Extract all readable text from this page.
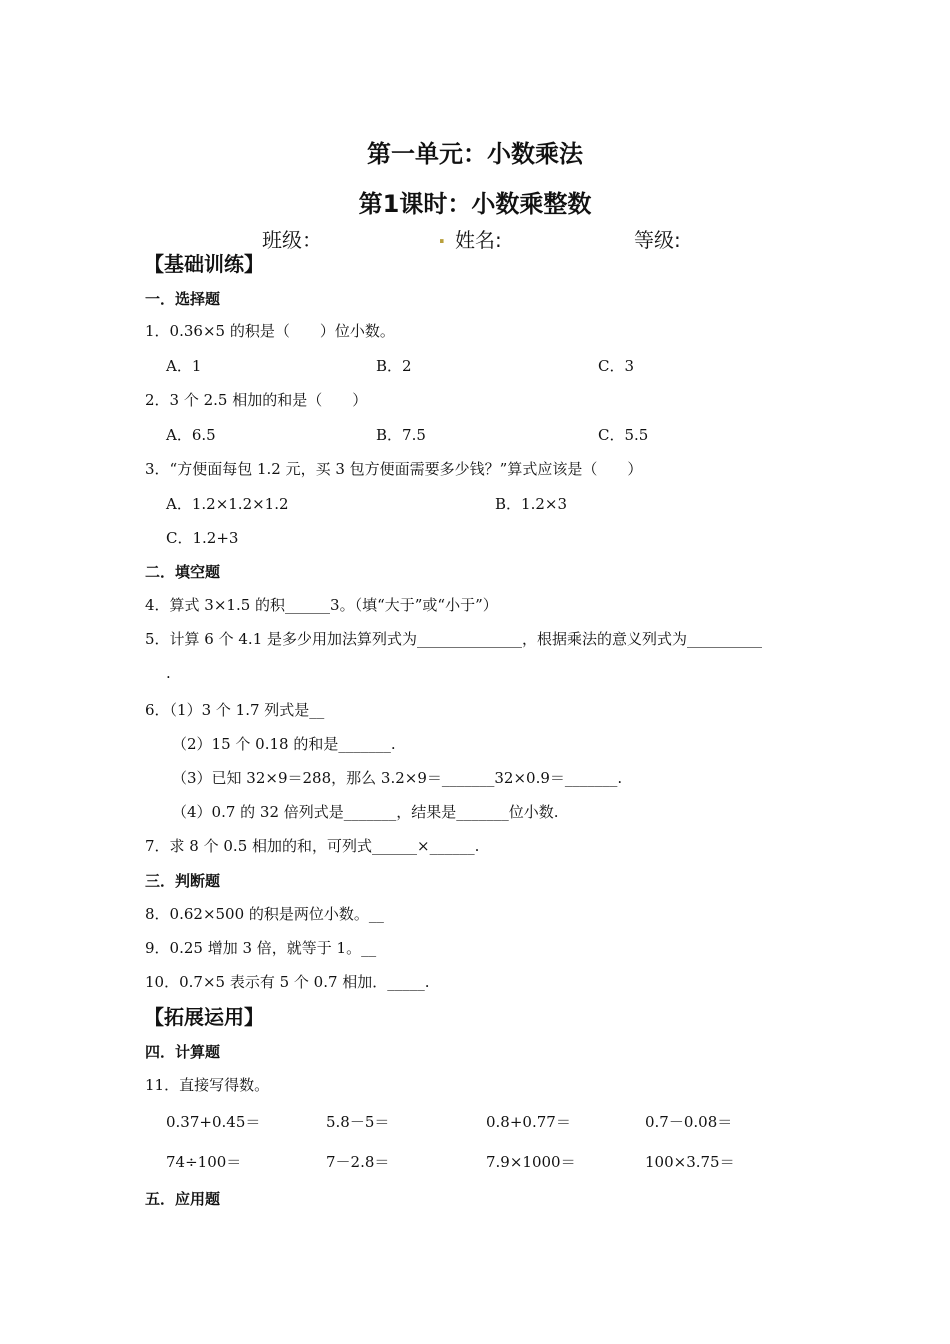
第一单元：小数乘法
第1课时：小数乘整数
班级：	. 姓名:	等级:
【基础训练】
一．选择题
1．0.36×5 的积是（　　）位小数。
A．1	B．2	C．3
2．3 个 2.5 相加的和是（　　）
A．6.5	B．7.5	C．5.5
3．“方便面每包 1.2 元，买 3 包方便面需要多少钱？”算式应该是（　　）
A．1.2×1.2×1.2	B．1.2×3
C．1.2+3
二．填空题
4．算式 3×1.5 的积______3。（填“大于”或“小于”）
5．计算 6 个 4.1 是多少用加法算列式为______________，根据乘法的意义列式为__________
.
6．（1）3 个 1.7 列式是__
（2）15 个 0.18 的和是_______.
（3）已知 32×9＝288，那么 3.2×9＝_______32×0.9＝_______.
（4）0.7 的 32 倍列式是_______，结果是_______位小数.
7．求 8 个 0.5 相加的和，可列式______×______.
三．判断题
8．0.62×500 的积是两位小数。__
9．0.25 增加 3 倍，就等于 1。__
10．0.7×5 表示有 5 个 0.7 相加．_____.
【拓展运用】
四．计算题
11．直接写得数。
0.37+0.45＝	5.8－5＝	0.8+0.77＝	0.7－0.08＝
74÷100＝	7－2.8＝	7.9×1000＝	100×3.75＝
五．应用题
